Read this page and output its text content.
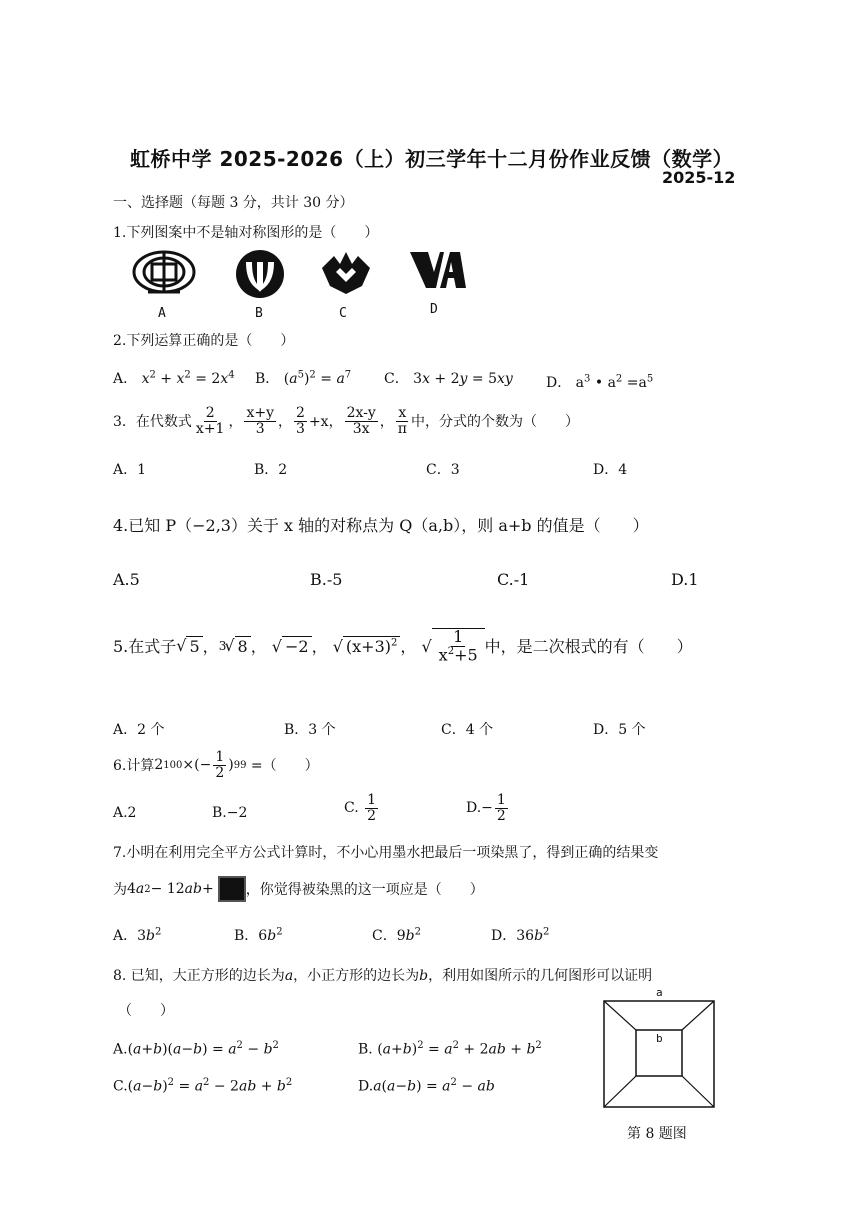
虹桥中学 2025-2026（上）初三学年十二月份作业反馈（数学）
2025-12
一、选择题（每题 3 分，共计 30 分）
1.下列图案中不是轴对称图形的是（　　）
A	B	C	D
2.下列运算正确的是（　　）
A． $x^2 + x^2 = 2x^4$ B． $(a^5)^2 = a^7$ C． 3x + 2y = 5xy D． $a^3$ • $a^2 =a^5$
3．在代数式 $\frac{2}{x+1}$ ， $\frac{x+y}{3}$ ， $\frac{2}{3} +x$， $\frac{2x-y}{3x}$ ， $\frac{x}{\pi}$ 中，分式的个数为（　　）
A．1	B．2	C．3	D．4
4.已知 P（−2,3）关于 x 轴的对称点为 Q（a,b），则 a+b 的值是（　　）
A.5	B.-5	C.-1	D.1
5.在式子 √ 5 ， 3
√ 8 ， √ −2 ， √ $(x+3)^2$ ， √ $\frac{1}{x^2+5}$ 中，是二次根式的有（　　）
A．2 个	B．3 个	C．4 个	D．5 个
6.计算 2 100 ×(− $\frac{1}{2}$ ) 99
=（　　）
A.2	B.−2	C.
$\frac{1}{2}$	$D.- \frac{1}{2}$
7.小明在利用完全平方公式计算时，不小心用墨水把最后一项染黑了，得到正确的结果变
为 4 a 2 − 12 ab + ，你觉得被染黑的这一项应是（　　）
A．$3b^2$	B．$6b^2$	C．$9b^2$	D．$36b^2$
8. 已知，大正方形的边长为a，小正方形的边长为b，利用如图所示的几何图形可以证明
（　　）
$A.(a+b)(a-b) = a^2 - b^2$	B. $(a+b)^2 = a^2 + 2ab + b^2$
$C.(a-b)^2 = a^2 - 2ab + b^2$	$D.a(a-b) = a^2$ − ab
a
b
第 8 题图
